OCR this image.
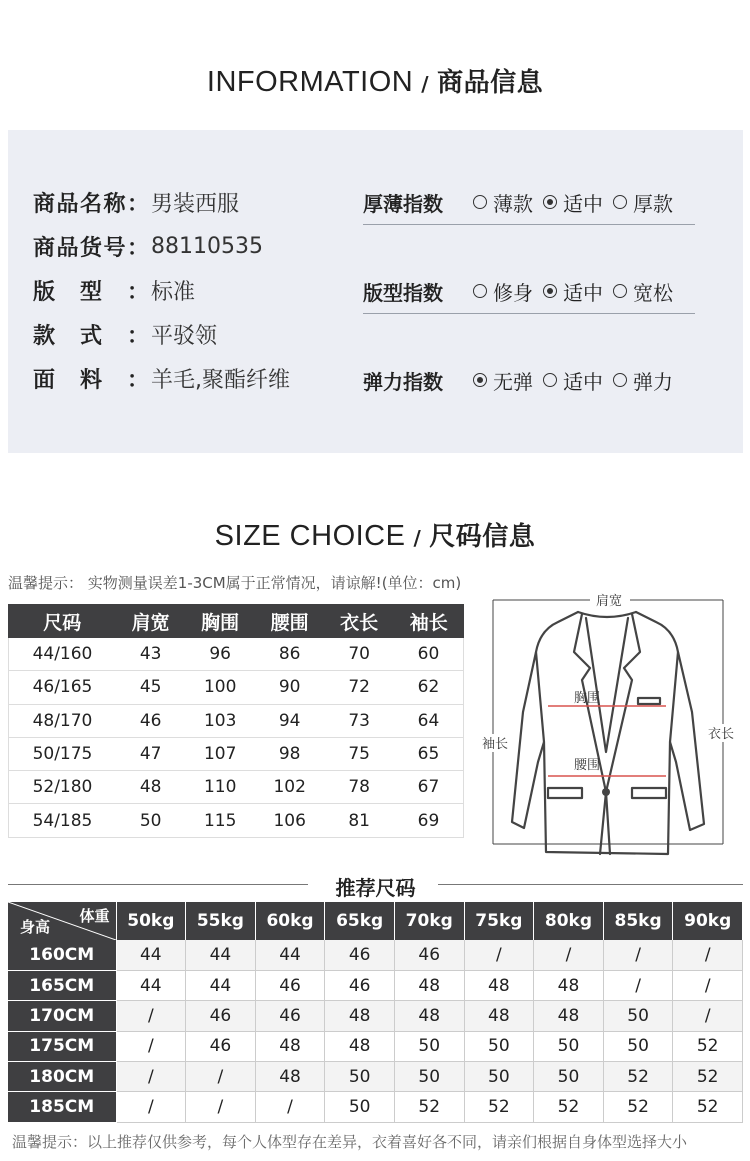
INFORMATION / 商品信息
商 品 名 称 ： 男装西服
商 品 货 号 ： 88110535
版 型 ： 标准
款 式 ： 平驳领
面 料 ： 羊毛,聚酯纤维
厚薄指数	薄款 适中 厚款
版型指数	修身 适中 宽松
弹力指数	无弹 适中 弹力
SIZE CHOICE / 尺码信息
温馨提示： 实物测量误差1-3CM属于正常情况，请谅解!(单位：cm)
尺码	肩宽	胸围	腰围	衣长	袖长
44/160	43	96	86	70	60
46/165	45	100	90	72	62
48/170	46	103	94	73	64
50/175	47	107	98	75	65
52/180	48	110	102	78	67
54/185	50	115	106	81	69
肩宽
胸围
腰围
袖长
衣长
推荐尺码
体重
身高	50kg	55kg	60kg	65kg	70kg	75kg	80kg	85kg	90kg
160CM	44	44	44	46	46	/	/	/	/
165CM	44	44	46	46	48	48	48	/	/
170CM	/	46	46	48	48	48	48	50	/
175CM	/	46	48	48	50	50	50	50	52
180CM	/	/	48	50	50	50	50	52	52
185CM	/	/	/	50	52	52	52	52	52
温馨提示：以上推荐仅供参考，每个人体型存在差异，衣着喜好各不同，请亲们根据自身体型选择大小
